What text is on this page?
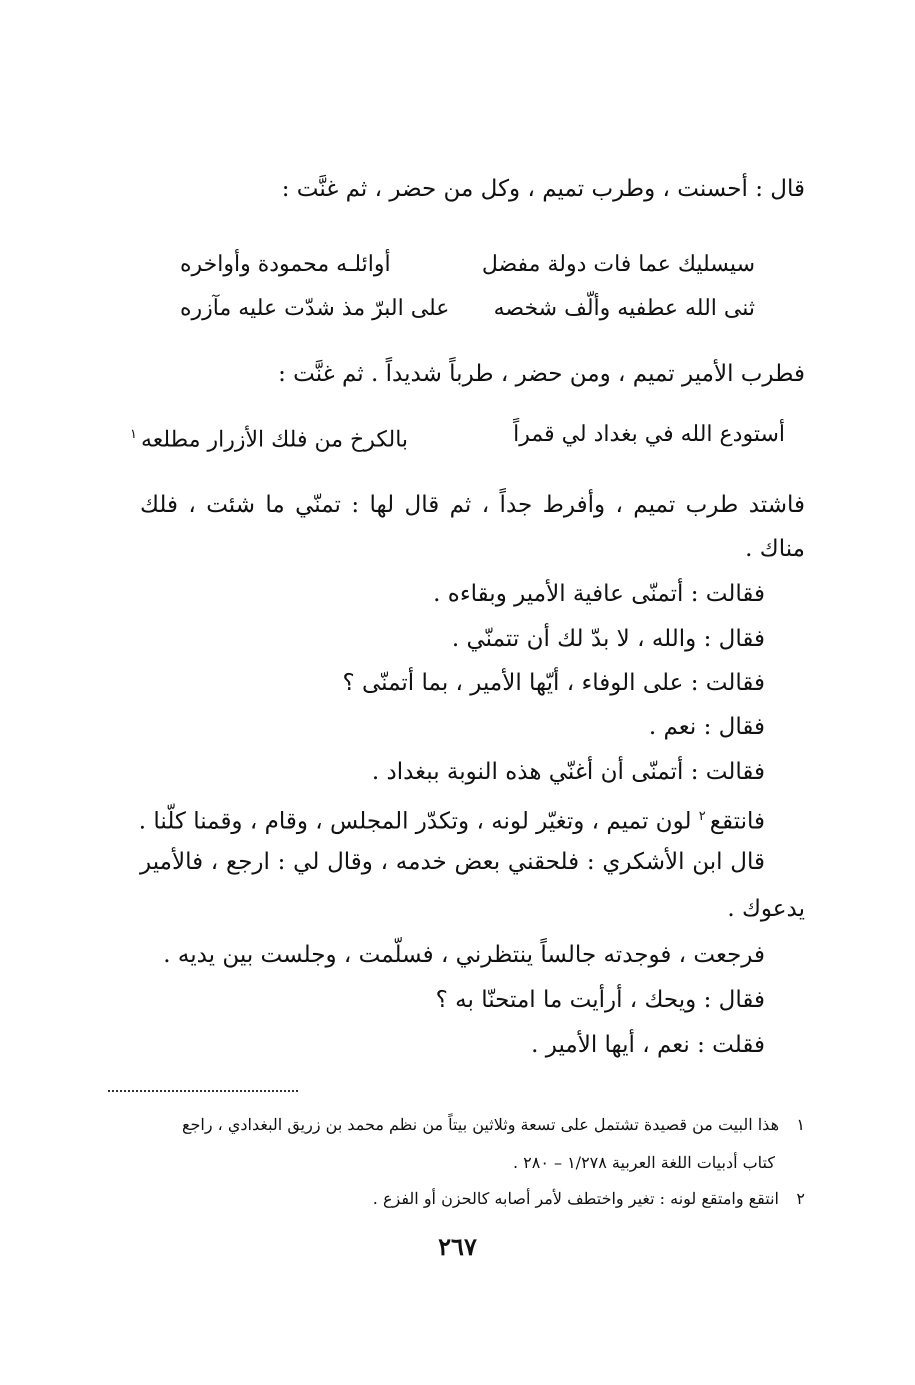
قال : أحسنت ، وطرب تميم ، وكل من حضر ، ثم غنَّت :
سيسليك عما فات دولة مفضل
أوائلـه محمودة وأواخره
ثنى الله عطفيه وألّف شخصه
على البرّ مذ شدّت عليه مآزره
فطرب الأمير تميم ، ومن حضر ، طرباً شديداً . ثم غنَّت :
أستودع الله في بغداد لي قمراً
بالكرخ من فلك الأزرار مطلعه$^١$
فاشتد طرب تميم ، وأفرط جداً ، ثم قال لها : تمنّي ما شئت ، فلك
مناك .
فقالت : أتمنّى عافية الأمير وبقاءه .
فقال : والله ، لا بدّ لك أن تتمنّي .
فقالت : على الوفاء ، أيّها الأمير ، بما أتمنّى ؟
فقال : نعم .
فقالت : أتمنّى أن أغنّي هذه النوبة ببغداد .
فانتقع$^٢$ لون تميم ، وتغيّر لونه ، وتكدّر المجلس ، وقام ، وقمنا كلّنا .
قال ابن الأشكري : فلحقني بعض خدمه ، وقال لي : ارجع ، فالأمير
يدعوك .
فرجعت ، فوجدته جالساً ينتظرني ، فسلّمت ، وجلست بين يديه .
فقال : ويحك ، أرأيت ما امتحنّا به ؟
فقلت : نعم ، أيها الأمير .
١هذا البيت من قصيدة تشتمل على تسعة وثلاثين بيتاً من نظم محمد بن زريق البغدادي ، راجع
كتاب أدبيات اللغة العربية ١/٢٧٨ – ٢٨٠ .
٢انتقع وامتقع لونه : تغير واختطف لأمر أصابه كالحزن أو الفزع .
٢٦٧
